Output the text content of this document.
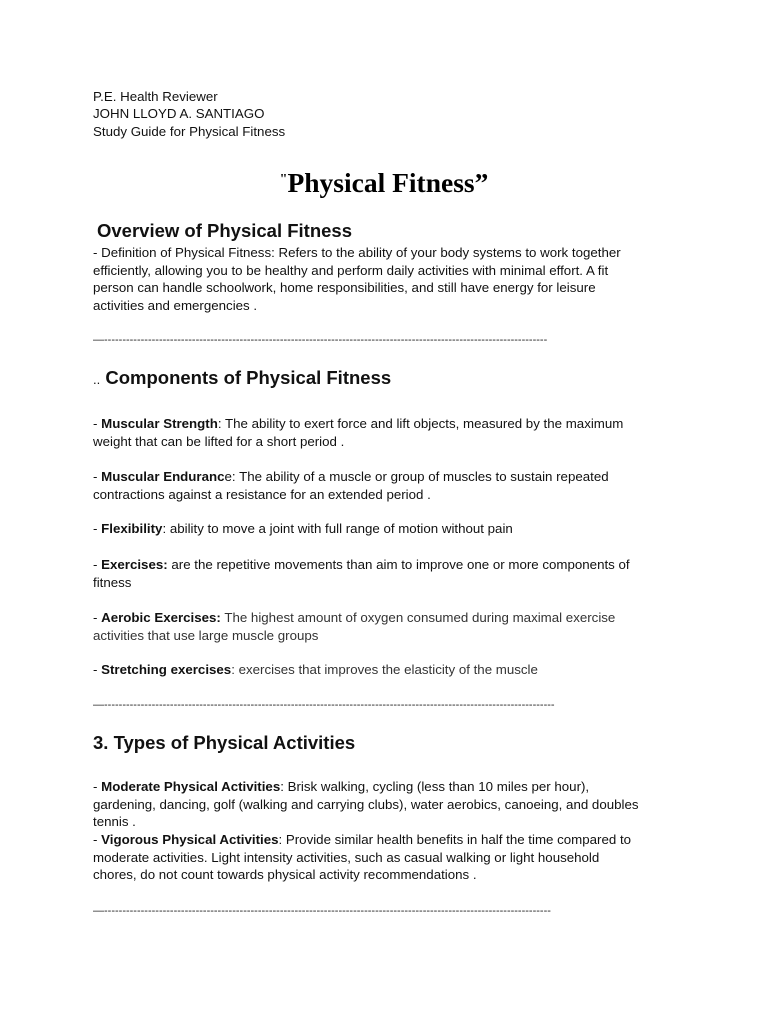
P.E. Health Reviewer
JOHN LLOYD A. SANTIAGO
Study Guide for Physical Fitness
"Physical Fitness”
Overview of Physical Fitness
- Definition of Physical Fitness: Refers to the ability of your body systems to work together
efficiently, allowing you to be healthy and perform daily activities with minimal effort. A fit
person can handle schoolwork, home responsibilities, and still have energy for leisure
activities and emergencies .
—-------------------------------------------------------------------------------------------------------------------------
.. Components of Physical Fitness
- Muscular Strength: The ability to exert force and lift objects, measured by the maximum
weight that can be lifted for a short period .
- Muscular Endurance: The ability of a muscle or group of muscles to sustain repeated
contractions against a resistance for an extended period .
- Flexibility: ability to move a joint with full range of motion without pain
- Exercises: are the repetitive movements than aim to improve one or more components of
fitness
- Aerobic Exercises: The highest amount of oxygen consumed during maximal exercise
activities that use large muscle groups
- Stretching exercises: exercises that improves the elasticity of the muscle
—---------------------------------------------------------------------------------------------------------------------------
3. Types of Physical Activities
- Moderate Physical Activities: Brisk walking, cycling (less than 10 miles per hour),
gardening, dancing, golf (walking and carrying clubs), water aerobics, canoeing, and doubles
tennis .
- Vigorous Physical Activities: Provide similar health benefits in half the time compared to
moderate activities. Light intensity activities, such as casual walking or light household
chores, do not count towards physical activity recommendations .
—--------------------------------------------------------------------------------------------------------------------------
